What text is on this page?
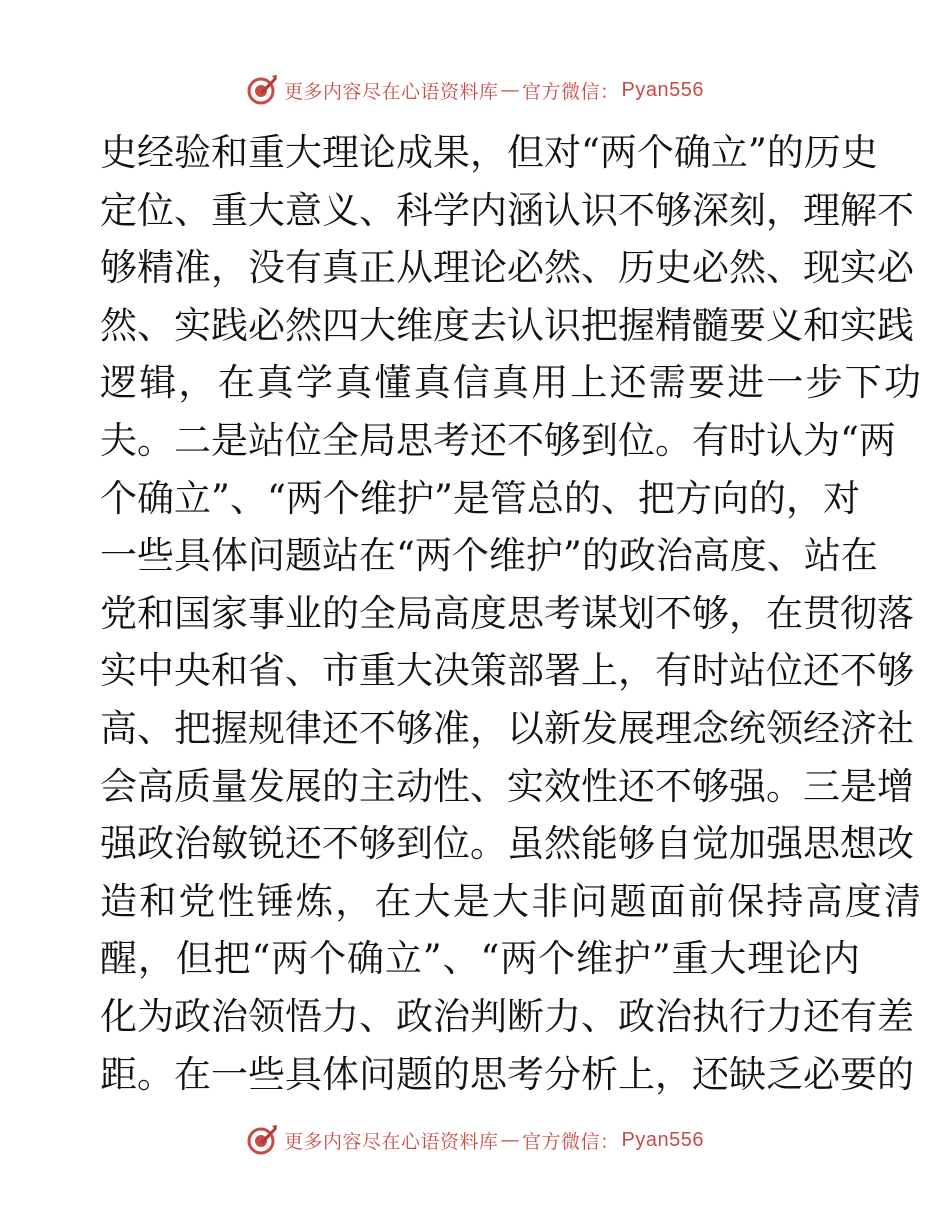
更多内容尽在心语资料库 — 官方微信： Pyan556
史经验和重大理论成果，但对“两个确立”的历史
定位、重大意义、科学内涵认识不够深刻，理解不
够精准，没有真正从理论必然、历史必然、现实必
然、实践必然四大维度去认识把握精髓要义和实践
逻辑，在真学真懂真信真用上还需要进一步下功
夫。二是站位全局思考还不够到位。有时认为“两
个确立”、“两个维护”是管总的、把方向的，对
一些具体问题站在“两个维护”的政治高度、站在
党和国家事业的全局高度思考谋划不够，在贯彻落
实中央和省、市重大决策部署上，有时站位还不够
高、把握规律还不够准，以新发展理念统领经济社
会高质量发展的主动性、实效性还不够强。三是增
强政治敏锐还不够到位。虽然能够自觉加强思想改
造和党性锤炼，在大是大非问题面前保持高度清
醒，但把“两个确立”、“两个维护”重大理论内
化为政治领悟力、政治判断力、政治执行力还有差
距。在一些具体问题的思考分析上，还缺乏必要的
更多内容尽在心语资料库 — 官方微信： Pyan556
